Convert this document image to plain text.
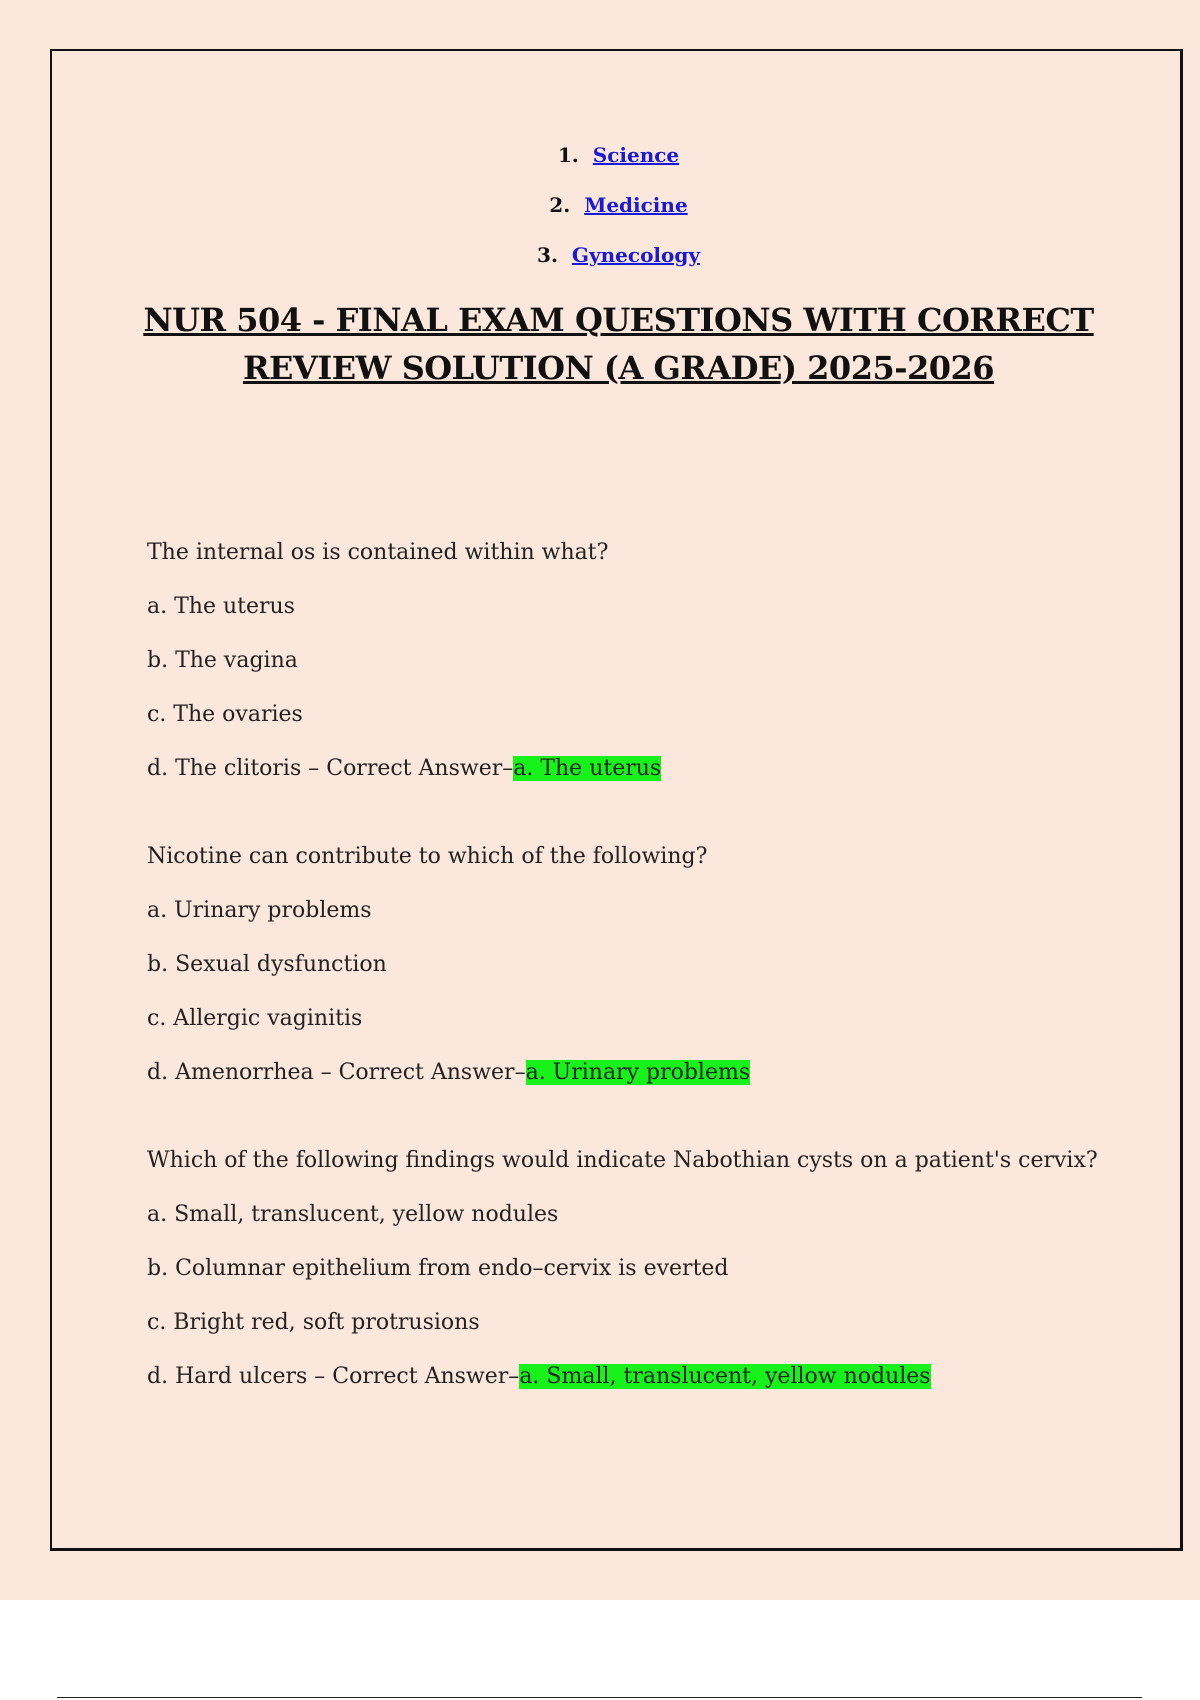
1. Science
2. Medicine
3. Gynecology
NUR 504 - FINAL EXAM QUESTIONS WITH CORRECT REVIEW SOLUTION (A GRADE) 2025-2026

The internal os is contained within what?

a. The uterus
b. The vagina
c. The ovaries
d. The clitoris – Correct Answer–a. The uterus

Nicotine can contribute to which of the following?

a. Urinary problems
b. Sexual dysfunction
c. Allergic vaginitis
d. Amenorrhea – Correct Answer–a. Urinary problems

Which of the following findings would indicate Nabothian cysts on a patient's cervix?

a. Small, translucent, yellow nodules
b. Columnar epithelium from endo–cervix is everted
c. Bright red, soft protrusions
d. Hard ulcers – Correct Answer–a. Small, translucent, yellow nodules
